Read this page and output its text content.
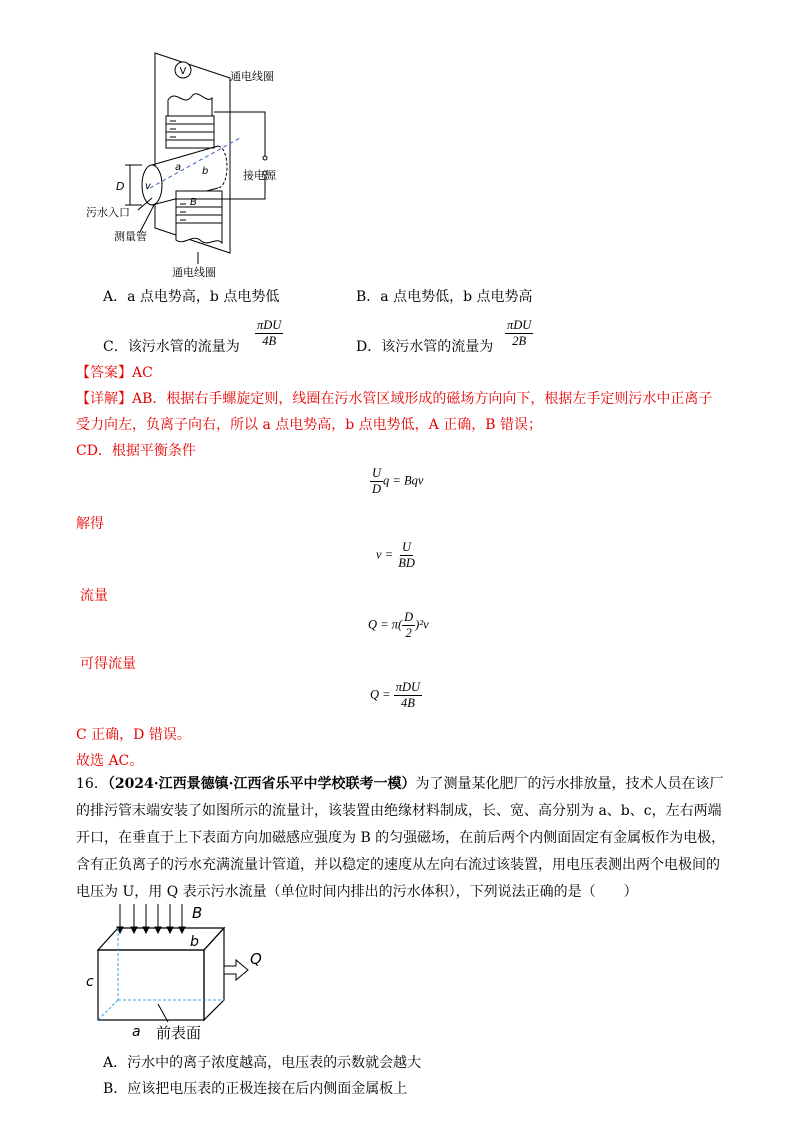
V
a b
v
D
B
接电源
通电线圈
污水入口
测量管
通电线圈
A．a 点电势高，b 点电势低	B．a 点电势低，b 点电势高
C．该污水管的流量为 $\frac{\text{πDU}}{4B}$	D．该污水管的流量为 $\frac{\text{πDU}}{2B}$
【答案】AC
【详解】AB．根据右手螺旋定则，线圈在污水管区域形成的磁场方向向下，根据左手定则污水中正离子
受力向左，负离子向右，所以 a 点电势高，b 点电势低，A 正确，B 错误；
CD．根据平衡条件
$\frac{U}{D}$ q = Bqv
解得
$v = \frac{U}{BD}$
流量
$Q = \pi( \frac{D}{2} )^2v$
可得流量
$Q = \frac{\text{πDU}}{4B}$
C 正确，D 错误。
故选 AC。
16．（2024·江西景德镇·江西省乐平中学校联考一模）为了测量某化肥厂的污水排放量，技术人员在该厂
的排污管末端安装了如图所示的流量计，该装置由绝缘材料制成，长、宽、高分别为 a、b、c，左右两端
开口，在垂直于上下表面方向加磁感应强度为 B 的匀强磁场，在前后两个内侧面固定有金属板作为电极，
含有正负离子的污水充满流量计管道，并以稳定的速度从左向右流过该装置，用电压表测出两个电极间的
电压为 U，用 Q 表示污水流量（单位时间内排出的污水体积），下列说法正确的是（　　）
B
b
c
a
Q
前表面
A．污水中的离子浓度越高，电压表的示数就会越大
B．应该把电压表的正极连接在后内侧面金属板上
